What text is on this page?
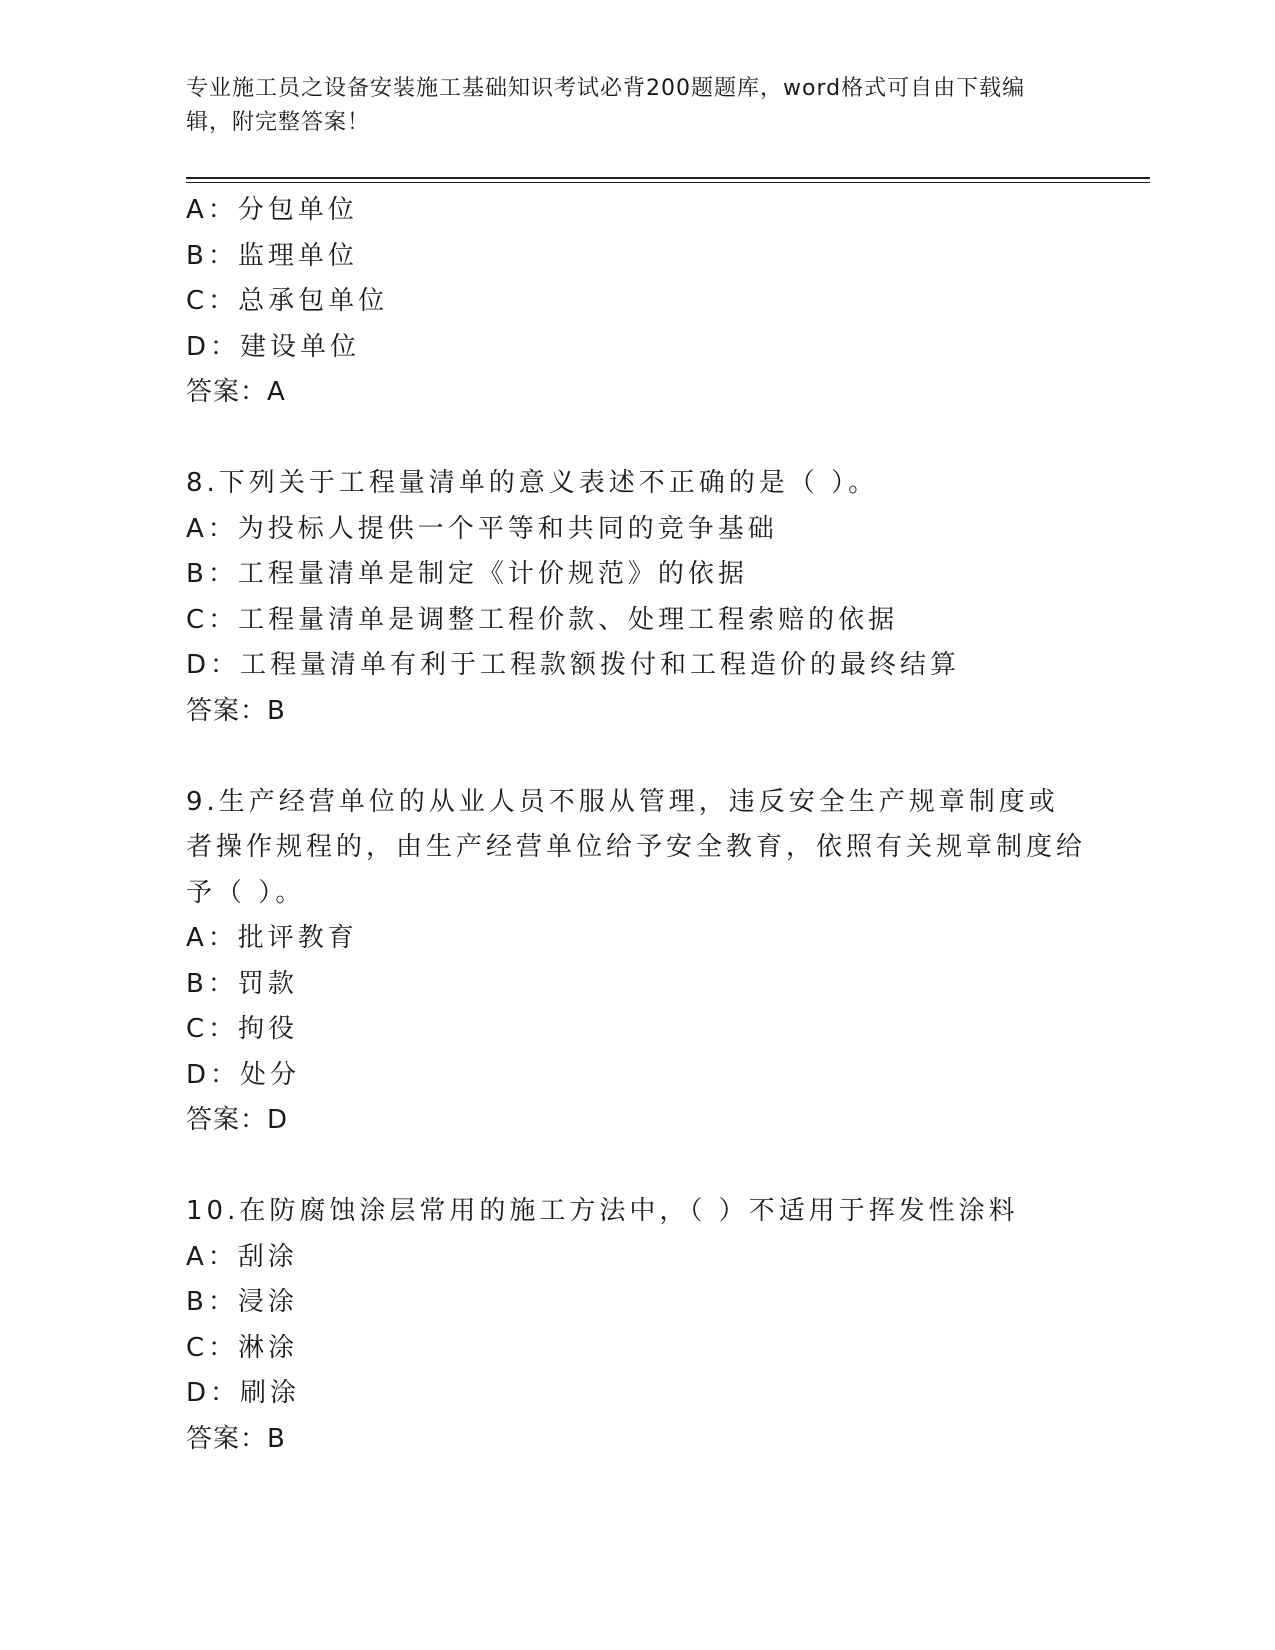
专业施工员之设备安装施工基础知识考试必背200题题库，word格式可自由下载编辑，附完整答案！
A：分包单位
B：监理单位
C：总承包单位
D：建设单位
答案：A
8.下列关于工程量清单的意义表述不正确的是（ ）。
A：为投标人提供一个平等和共同的竞争基础
B：工程量清单是制定《计价规范》的依据
C：工程量清单是调整工程价款、处理工程索赔的依据
D：工程量清单有利于工程款额拨付和工程造价的最终结算
答案：B
9.生产经营单位的从业人员不服从管理，违反安全生产规章制度或者操作规程的，由生产经营单位给予安全教育，依照有关规章制度给予（ ）。
A：批评教育
B：罚款
C：拘役
D：处分
答案：D
10.在防腐蚀涂层常用的施工方法中，（ ）不适用于挥发性涂料
A：刮涂
B：浸涂
C：淋涂
D：刷涂
答案：B
